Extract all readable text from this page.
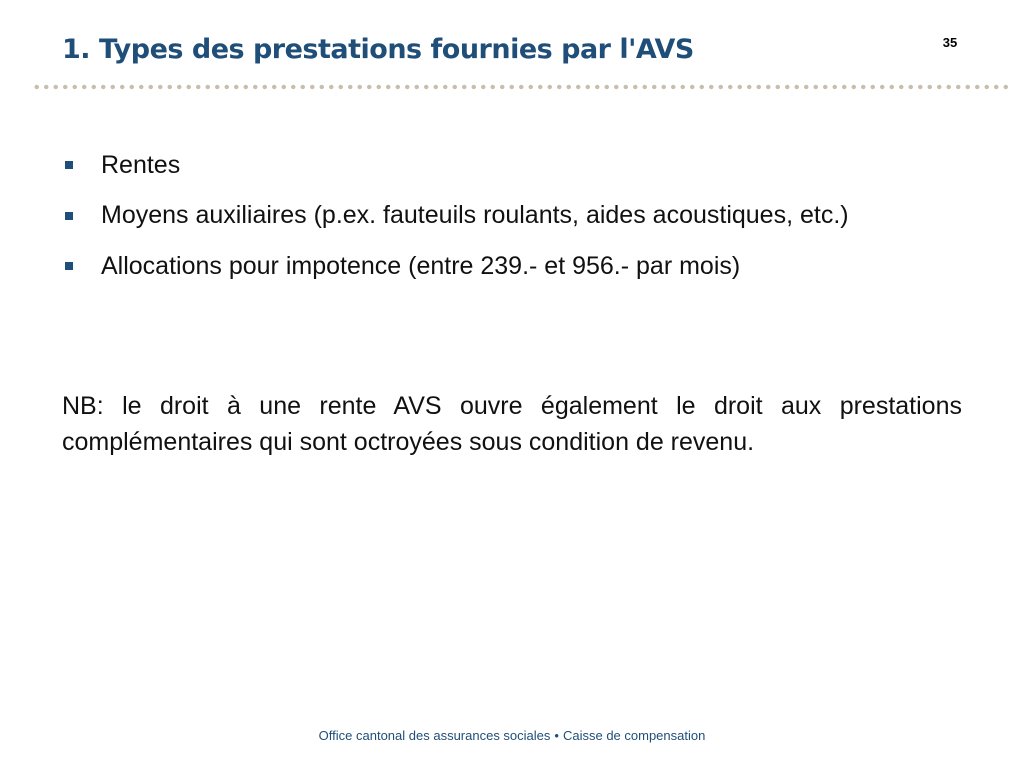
1. Types des prestations fournies par l'AVS	35
Rentes
Moyens auxiliaires (p.ex. fauteuils roulants, aides acoustiques, etc.)
Allocations pour impotence (entre 239.- et 956.- par mois)

NB: le droit à une rente AVS ouvre également le droit aux prestations complémentaires qui sont octroyées sous condition de revenu.

Office cantonal des assurances sociales • Caisse de compensation
